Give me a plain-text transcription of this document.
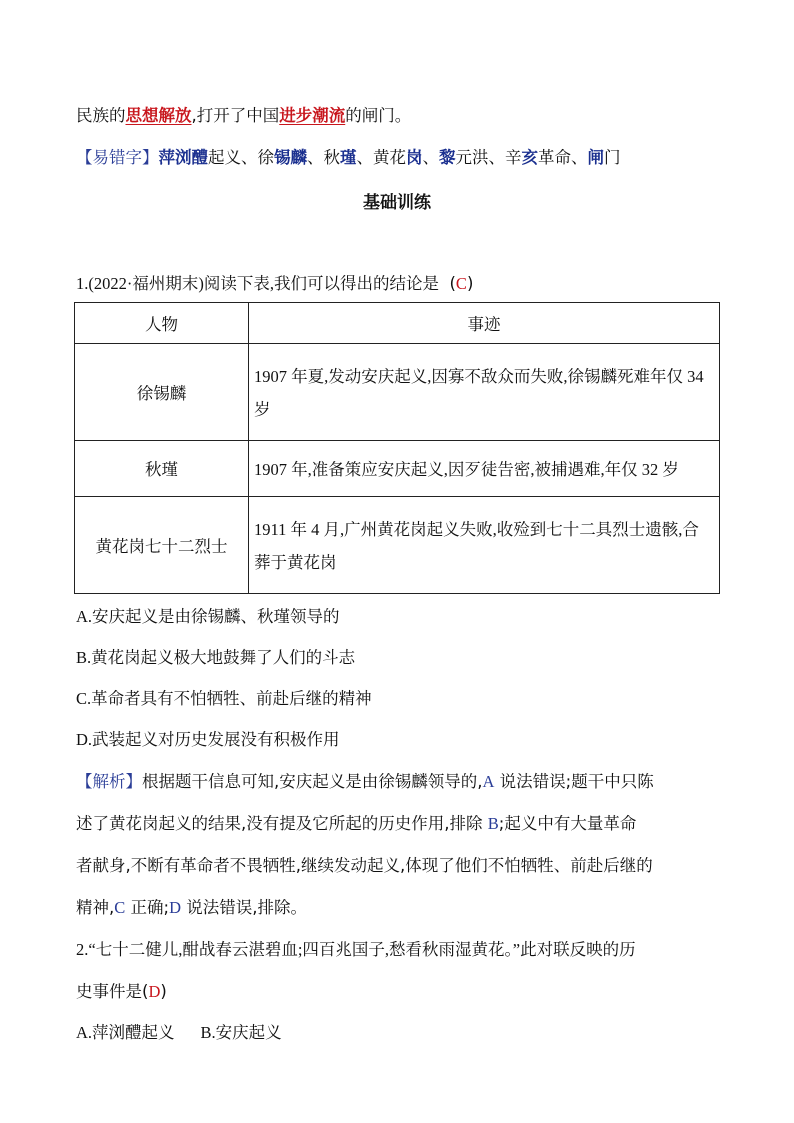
民族的思想解放,打开了中国进步潮流的闸门。
【易错字】萍浏醴起义、徐锡麟、秋瑾、黄花岗、黎元洪、辛亥革命、闸门
基础训练
1.(2022·福州期末)阅读下表,我们可以得出的结论是 (C)
人物	事迹
徐锡麟	1907 年夏,发动安庆起义,因寡不敌众而失败,徐锡麟死难年仅 34 岁
秋瑾	1907 年,准备策应安庆起义,因歹徒告密,被捕遇难,年仅 32 岁
黄花岗七十二烈士	1911 年 4 月,广州黄花岗起义失败,收殓到七十二具烈士遗骸,合葬于黄花岗
A.安庆起义是由徐锡麟、秋瑾领导的
B.黄花岗起义极大地鼓舞了人们的斗志
C.革命者具有不怕牺牲、前赴后继的精神
D.武装起义对历史发展没有积极作用
【解析】根据题干信息可知,安庆起义是由徐锡麟领导的,A 说法错误;题干中只陈
述了黄花岗起义的结果,没有提及它所起的历史作用,排除 B;起义中有大量革命
者献身,不断有革命者不畏牺牲,继续发动起义,体现了他们不怕牺牲、前赴后继的
精神,C 正确;D 说法错误,排除。
2.“七十二健儿,酣战春云湛碧血;四百兆国子,愁看秋雨湿黄花。”此对联反映的历
史事件是(D)
A.萍浏醴起义 B.安庆起义
